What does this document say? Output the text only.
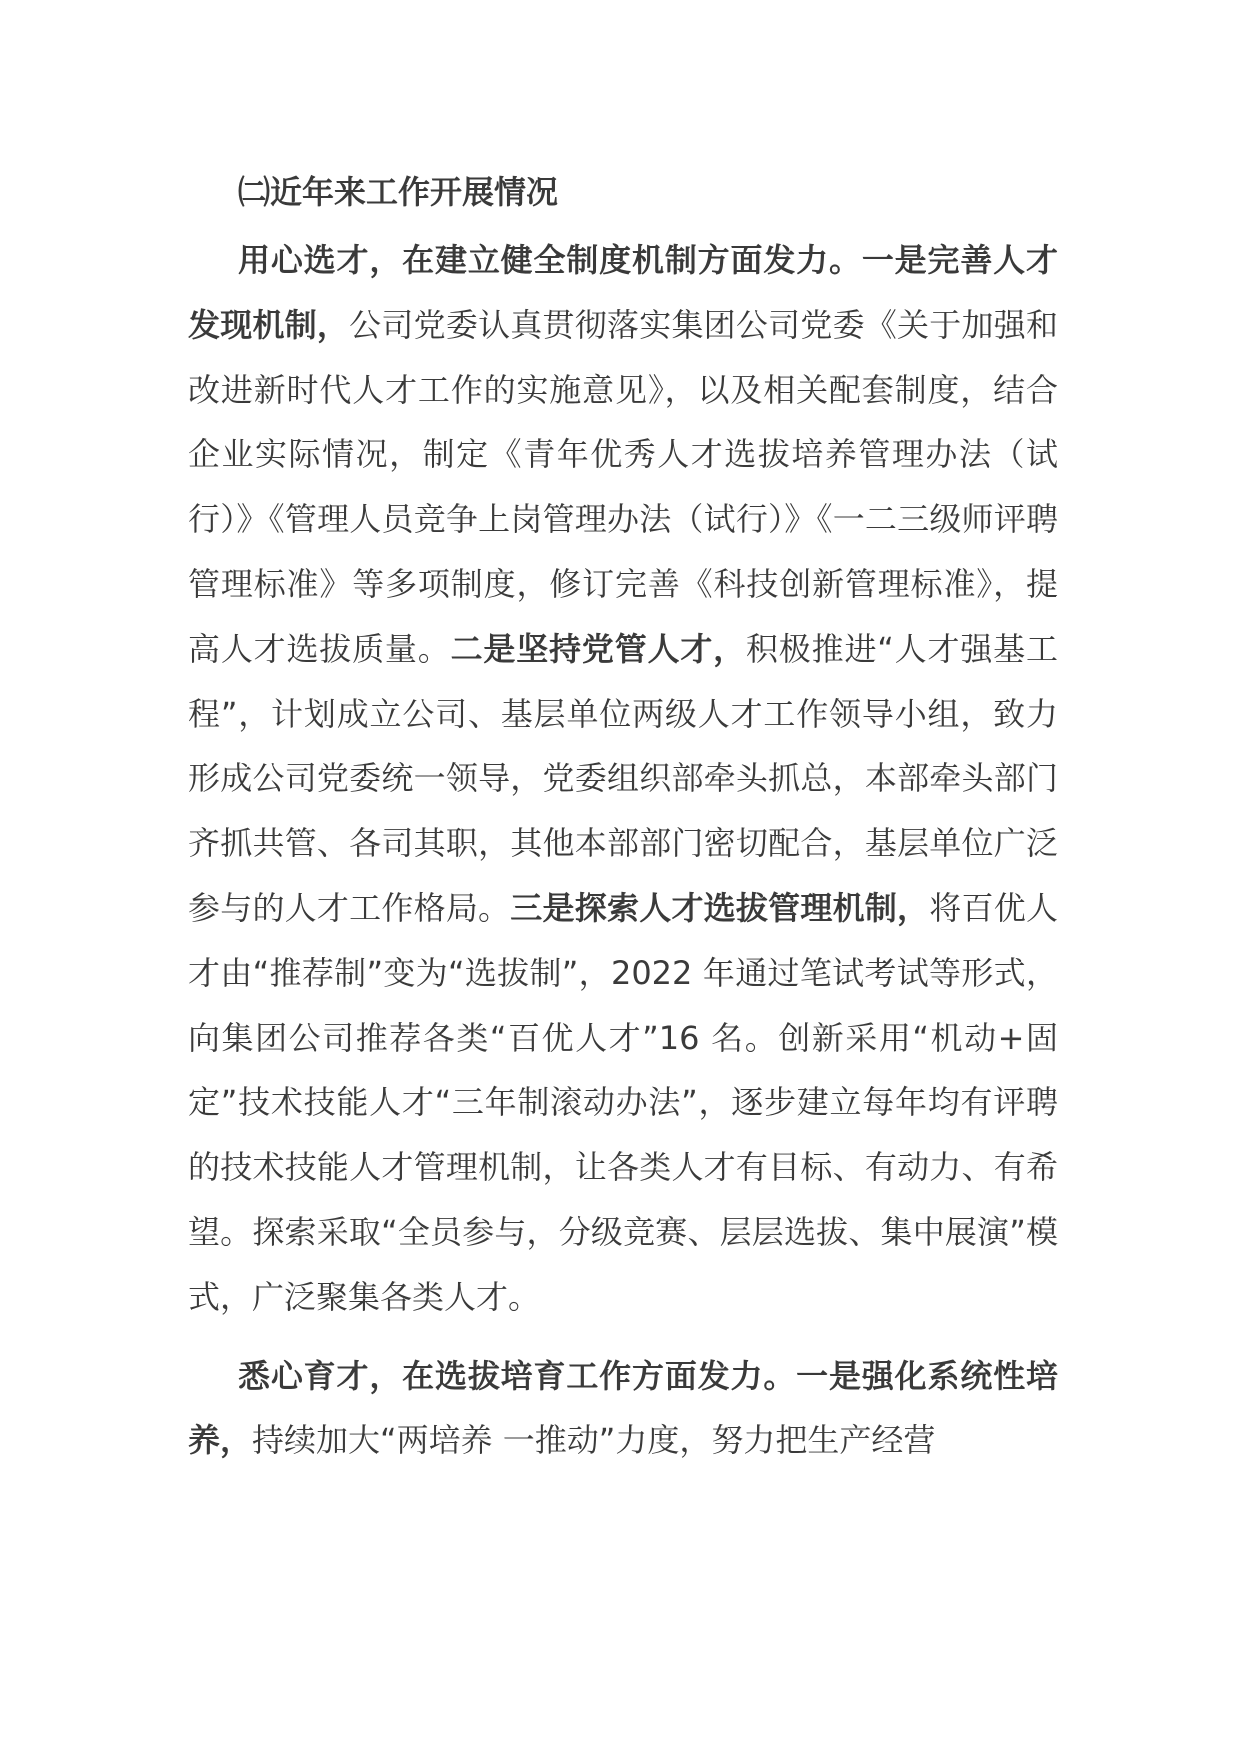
㈡近年来工作开展情况

用心选才，在建立健全制度机制方面发力。一是完善人才发现机制，公司党委认真贯彻落实集团公司党委《关于加强和改进新时代人才工作的实施意见》，以及相关配套制度，结合企业实际情况，制定《青年优秀人才选拔培养管理办法（试行）》《管理人员竞争上岗管理办法（试行）》《一二三级师评聘管理标准》等多项制度，修订完善《科技创新管理标准》，提高人才选拔质量。二是坚持党管人才，积极推进“人才强基工程”，计划成立公司、基层单位两级人才工作领导小组，致力形成公司党委统一领导，党委组织部牵头抓总，本部牵头部门齐抓共管、各司其职，其他本部部门密切配合，基层单位广泛参与的人才工作格局。三是探索人才选拔管理机制，将百优人才由“推荐制”变为“选拔制”，2022 年通过笔试考试等形式，向集团公司推荐各类“百优人才”16 名。创新采用“机动+固定”技术技能人才“三年制滚动办法”，逐步建立每年均有评聘的技术技能人才管理机制，让各类人才有目标、有动力、有希望。探索采取“全员参与，分级竞赛、层层选拔、集中展演”模式，广泛聚集各类人才。

悉心育才，在选拔培育工作方面发力。一是强化系统性培养，持续加大“两培养 一推动”力度，努力把生产经营
